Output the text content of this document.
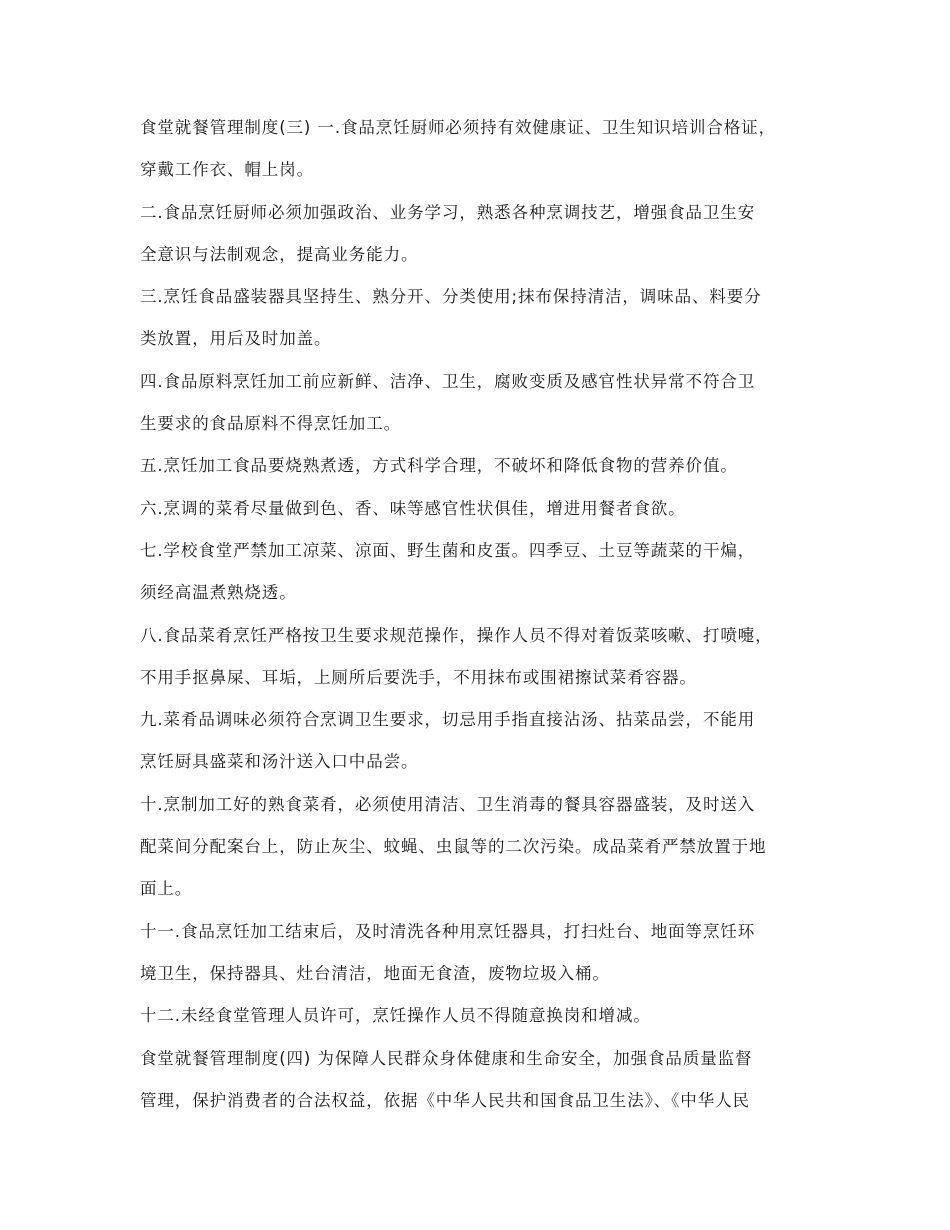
食堂就餐管理制度(三) 一.食品烹饪厨师必须持有效健康证、卫生知识培训合格证，
穿戴工作衣、帽上岗。
二.食品烹饪厨师必须加强政治、业务学习，熟悉各种烹调技艺，增强食品卫生安
全意识与法制观念，提高业务能力。
三.烹饪食品盛装器具坚持生、熟分开、分类使用;抹布保持清洁，调味品、料要分
类放置，用后及时加盖。
四.食品原料烹饪加工前应新鲜、洁净、卫生，腐败变质及感官性状异常不符合卫
生要求的食品原料不得烹饪加工。
五.烹饪加工食品要烧熟煮透，方式科学合理，不破坏和降低食物的营养价值。
六.烹调的菜肴尽量做到色、香、味等感官性状俱佳，增进用餐者食欲。
七.学校食堂严禁加工凉菜、凉面、野生菌和皮蛋。四季豆、土豆等蔬菜的干煸，
须经高温煮熟烧透。
八.食品菜肴烹饪严格按卫生要求规范操作，操作人员不得对着饭菜咳嗽、打喷嚏，
不用手抠鼻屎、耳垢，上厕所后要洗手，不用抹布或围裙擦试菜肴容器。
九.菜肴品调味必须符合烹调卫生要求，切忌用手指直接沾汤、拈菜品尝，不能用
烹饪厨具盛菜和汤汁送入口中品尝。
十.烹制加工好的熟食菜肴，必须使用清洁、卫生消毒的餐具容器盛装，及时送入
配菜间分配案台上，防止灰尘、蚊蝇、虫鼠等的二次污染。成品菜肴严禁放置于地
面上。
十一.食品烹饪加工结束后，及时清洗各种用烹饪器具，打扫灶台、地面等烹饪环
境卫生，保持器具、灶台清洁，地面无食渣，废物垃圾入桶。
十二.未经食堂管理人员许可，烹饪操作人员不得随意换岗和增减。
食堂就餐管理制度(四) 为保障人民群众身体健康和生命安全，加强食品质量监督
管理，保护消费者的合法权益，依据《中华人民共和国食品卫生法》、《中华人民
